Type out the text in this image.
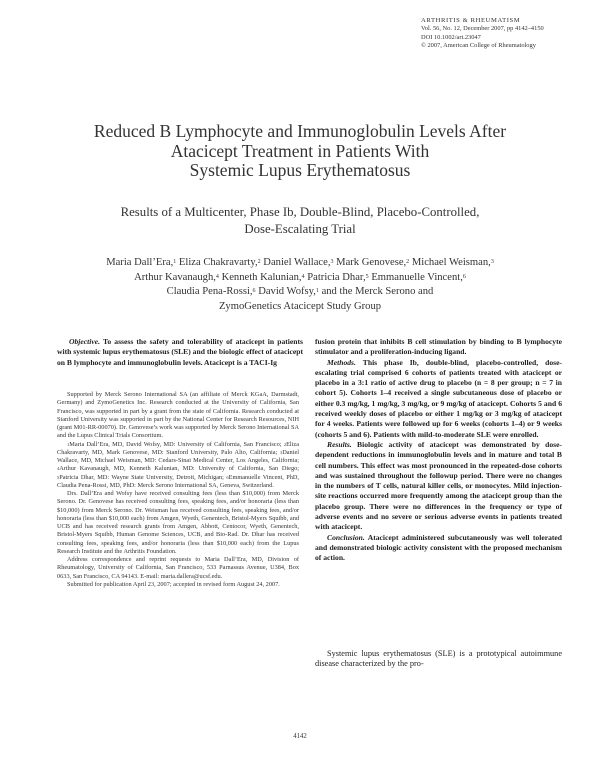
ARTHRITIS & RHEUMATISM
Vol. 56, No. 12, December 2007, pp 4142–4150
DOI 10.1002/art.23047
© 2007, American College of Rheumatology
Reduced B Lymphocyte and Immunoglobulin Levels After
Atacicept Treatment in Patients With
Systemic Lupus Erythematosus
Results of a Multicenter, Phase Ib, Double-Blind, Placebo-Controlled,
Dose-Escalating Trial
Maria Dall’Era,$^1$ Eliza Chakravarty,$^2$ Daniel Wallace,$^3$ Mark Genovese,$^2$ Michael Weisman,$^3$
Arthur Kavanaugh,$^4$ Kenneth Kalunian,$^4$ Patricia Dhar,$^5$ Emmanuelle Vincent,$^6$
Claudia Pena-Rossi,$^6$ David Wofsy,$^1$ and the Merck Serono and
ZymoGenetics Atacicept Study Group

Objective. To assess the safety and tolerability of atacicept in patients with systemic lupus erythematosus (SLE) and the biologic effect of atacicept on B lymphocyte and immunoglobulin levels. Atacicept is a TACI-Ig

Supported by Merck Serono International SA (an affiliate of Merck KGaA, Darmstadt, Germany) and ZymoGenetics Inc. Research conducted at the University of California, San Francisco, was supported in part by a grant from the state of California. Research conducted at Stanford University was supported in part by the National Center for Research Resources, NIH (grant M01-RR-00070). Dr. Genovese’s work was supported by Merck Serono International SA and the Lupus Clinical Trials Consortium.

$^1$Maria Dall’Era, MD, David Wofsy, MD: University of California, San Francisco; $^2$Eliza Chakravarty, MD, Mark Genovese, MD: Stanford University, Palo Alto, California; $^3$Daniel Wallace, MD, Michael Weisman, MD: Cedars-Sinai Medical Center, Los Angeles, California; $^4$Arthur Kavanaugh, MD, Kenneth Kalunian, MD: University of California, San Diego; $^5$Patricia Dhar, MD: Wayne State University, Detroit, Michigan; $^6$Emmanuelle Vincent, PhD, Claudia Pena-Rossi, MD, PhD: Merck Serono International SA, Geneva, Switzerland.

Drs. Dall’Era and Wofsy have received consulting fees (less than $10,000) from Merck Serono. Dr. Genovese has received consulting fees, speaking fees, and/or honoraria (less than $10,000) from Merck Serono. Dr. Weisman has received consulting fees, speaking fees, and/or honoraria (less than $10,000 each) from Amgen, Wyeth, Genentech, Bristol-Myers Squibb, and UCB and has received research grants from Amgen, Abbott, Centocor, Wyeth, Genentech, Bristol-Myers Squibb, Human Genome Sciences, UCB, and Bio-Rad. Dr. Dhar has received consulting fees, speaking fees, and/or honoraria (less than $10,000 each) from the Lupus Research Institute and the Arthritis Foundation.

Address correspondence and reprint requests to Maria Dall’Era, MD, Division of Rheumatology, University of California, San Francisco, 533 Parnassus Avenue, U384, Box 0633, San Francisco, CA 94143. E-mail: maria.dallera@ucsf.edu.

Submitted for publication April 23, 2007; accepted in revised form August 24, 2007.

fusion protein that inhibits B cell stimulation by binding to B lymphocyte stimulator and a proliferation-inducing ligand.

Methods. This phase Ib, double-blind, placebo-controlled, dose-escalating trial comprised 6 cohorts of patients treated with atacicept or placebo in a 3:1 ratio of active drug to placebo (n = 8 per group; n = 7 in cohort 5). Cohorts 1–4 received a single subcutaneous dose of placebo or either 0.3 mg/kg, 1 mg/kg, 3 mg/kg, or 9 mg/kg of atacicept. Cohorts 5 and 6 received weekly doses of placebo or either 1 mg/kg or 3 mg/kg of atacicept for 4 weeks. Patients were followed up for 6 weeks (cohorts 1–4) or 9 weeks (cohorts 5 and 6). Patients with mild-to-moderate SLE were enrolled.

Results. Biologic activity of atacicept was demonstrated by dose-dependent reductions in immunoglobulin levels and in mature and total B cell numbers. This effect was most pronounced in the repeated-dose cohorts and was sustained throughout the followup period. There were no changes in the numbers of T cells, natural killer cells, or monocytes. Mild injection-site reactions occurred more frequently among the atacicept group than the placebo group. There were no differences in the frequency or type of adverse events and no severe or serious adverse events in patients treated with atacicept.

Conclusion. Atacicept administered subcutaneously was well tolerated and demonstrated biologic activity consistent with the proposed mechanism of action.

Systemic lupus erythematosus (SLE) is a prototypical autoimmune disease characterized by the pro-

4142
